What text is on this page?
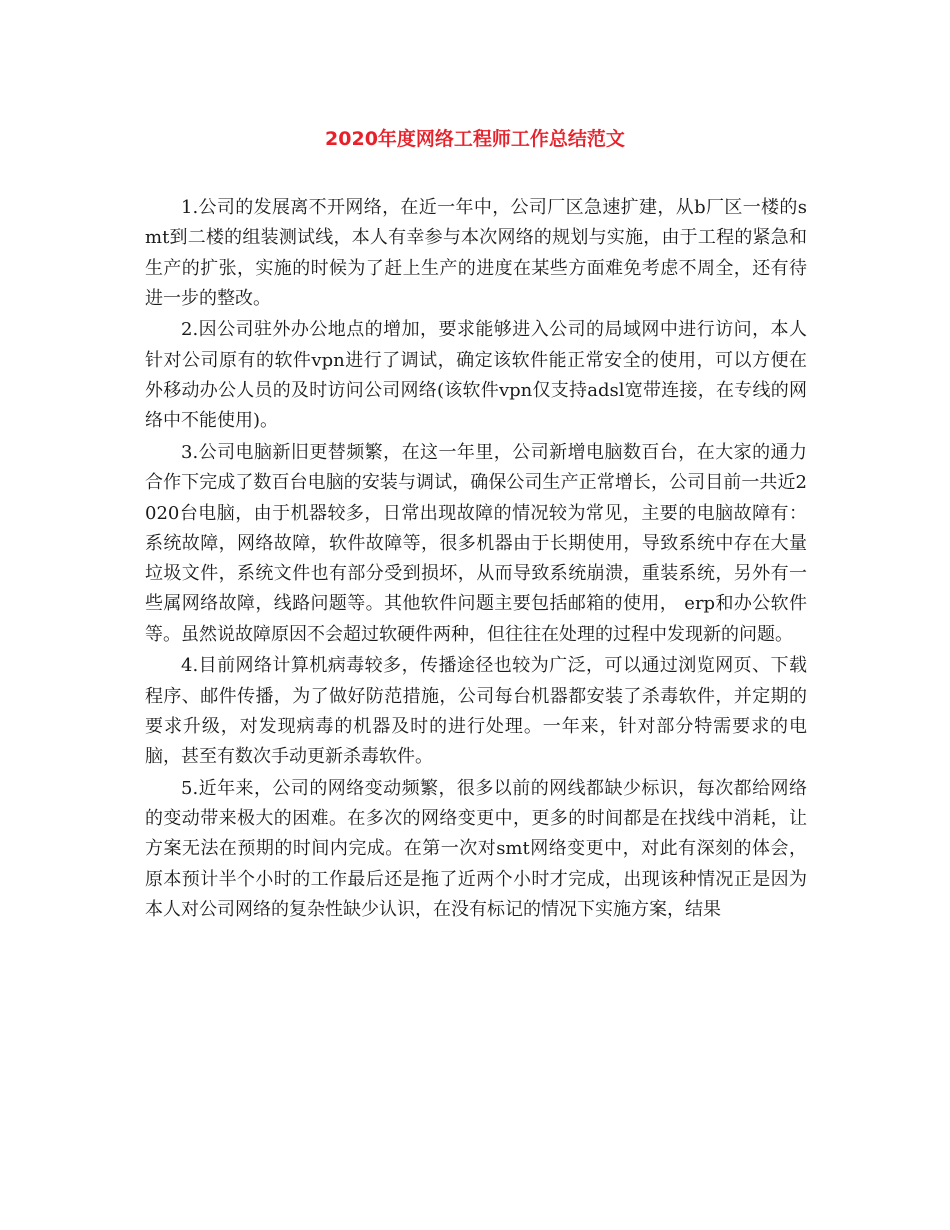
2020年度网络工程师工作总结范文

1.公司的发展离不开网络，在近一年中，公司厂区急速扩建，从b厂区一楼的smt到二楼的组装测试线，本人有幸参与本次网络的规划与实施，由于工程的紧急和生产的扩张，实施的时候为了赶上生产的进度在某些方面难免考虑不周全，还有待进一步的整改。

2.因公司驻外办公地点的增加，要求能够进入公司的局域网中进行访问，本人针对公司原有的软件vpn进行了调试，确定该软件能正常安全的使用，可以方便在外移动办公人员的及时访问公司网络(该软件vpn仅支持adsl宽带连接，在专线的网络中不能使用)。

3.公司电脑新旧更替频繁，在这一年里，公司新增电脑数百台，在大家的通力合作下完成了数百台电脑的安装与调试，确保公司生产正常增长，公司目前一共近2020台电脑，由于机器较多，日常出现故障的情况较为常见，主要的电脑故障有：系统故障，网络故障，软件故障等，很多机器由于长期使用，导致系统中存在大量垃圾文件，系统文件也有部分受到损坏，从而导致系统崩溃，重装系统，另外有一些属网络故障，线路问题等。其他软件问题主要包括邮箱的使用， erp和办公软件等。虽然说故障原因不会超过软硬件两种，但往往在处理的过程中发现新的问题。

4.目前网络计算机病毒较多，传播途径也较为广泛，可以通过浏览网页、下载程序、邮件传播，为了做好防范措施，公司每台机器都安装了杀毒软件，并定期的要求升级，对发现病毒的机器及时的进行处理。一年来，针对部分特需要求的电脑，甚至有数次手动更新杀毒软件。

5.近年来，公司的网络变动频繁，很多以前的网线都缺少标识，每次都给网络的变动带来极大的困难。在多次的网络变更中，更多的时间都是在找线中消耗，让方案无法在预期的时间内完成。在第一次对smt网络变更中，对此有深刻的体会，原本预计半个小时的工作最后还是拖了近两个小时才完成，出现该种情况正是因为本人对公司网络的复杂性缺少认识，在没有标记的情况下实施方案，结果
